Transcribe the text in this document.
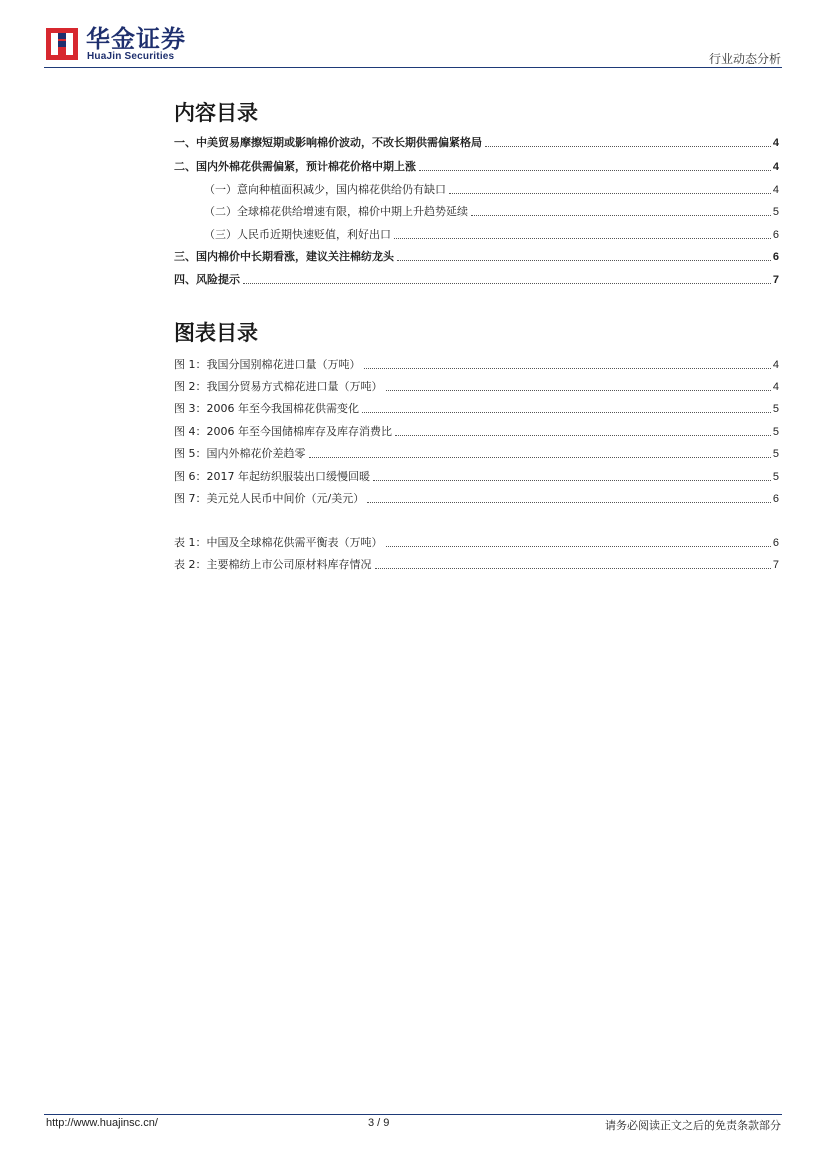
华金证券
HuaJin Securities	行业动态分析
内容目录
一、中美贸易摩擦短期或影响棉价波动，不改长期供需偏紧格局	4
二、国内外棉花供需偏紧，预计棉花价格中期上涨	4
（一）意向种植面积减少，国内棉花供给仍有缺口	4
（二）全球棉花供给增速有限，棉价中期上升趋势延续	5
（三）人民币近期快速贬值，利好出口	6
三、国内棉价中长期看涨，建议关注棉纺龙头	6
四、风险提示	7
图表目录
图 1：我国分国别棉花进口量（万吨）	4
图 2：我国分贸易方式棉花进口量（万吨）	4
图 3：2006 年至今我国棉花供需变化	5
图 4：2006 年至今国储棉库存及库存消费比	5
图 5：国内外棉花价差趋零	5
图 6：2017 年起纺织服装出口缓慢回暖	5
图 7：美元兑人民币中间价（元/美元）	6
表 1：中国及全球棉花供需平衡表（万吨）	6
表 2：主要棉纺上市公司原材料库存情况	7
http://www.huajinsc.cn/	3 / 9	请务必阅读正文之后的免责条款部分
